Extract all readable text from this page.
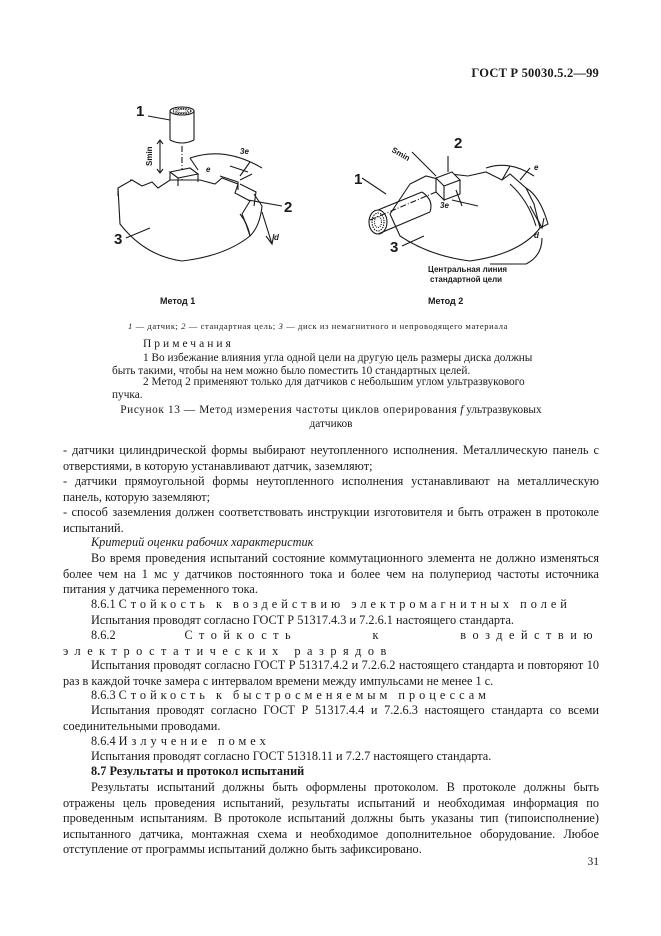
ГОСТ Р 50030.5.2—99
1
2
3
Smin	3e
e
d
1
2
3
Smin
3e
e
d
Центральная линия
стандартной цели
Метод 1	Метод 2
1 — датчик; 2 — стандартная цель; 3 — диск из немагнитного и непроводящего материала
Примечания
1 Во избежание влияния угла одной цели на другую цель размеры диска должны
быть такими, чтобы на нем можно было поместить 10 стандартных целей.
2 Метод 2 применяют только для датчиков с небольшим углом ультразвукового
пучка.
Рисунок 13 — Метод измерения частоты циклов оперирования f ультразвуковых
датчиков
- датчики цилиндрической формы выбирают неутопленного исполнения. Металлическую панель с отверстиями, в которую устанавливают датчик, заземляют;
- датчики прямоугольной формы неутопленного исполнения устанавливают на металлическую панель, которую заземляют;
- способ заземления должен соответствовать инструкции изготовителя и быть отражен в протоколе испытаний.
Критерий оценки рабочих характеристик
Во время проведения испытаний состояние коммутационного элемента не должно изменяться более чем на 1 мс у датчиков постоянного тока и более чем на полупериод частоты источника питания у датчика переменного тока.
8.6.1 Стойкость к воздействию электромагнитных полей
Испытания проводят согласно ГОСТ Р 51317.4.3 и 7.2.6.1 настоящего стандарта.
8.6.2	Стойкость к воздействию электростатических разрядов
Испытания проводят согласно ГОСТ Р 51317.4.2 и 7.2.6.2 настоящего стандарта и повторяют 10 раз в каждой точке замера с интервалом времени между импульсами не менее 1 с.
8.6.3 Стойкость к быстросменяемым процессам
Испытания проводят согласно ГОСТ Р 51317.4.4 и 7.2.6.3 настоящего стандарта со всеми соединительными проводами.
8.6.4 Излучение помех
Испытания проводят согласно ГОСТ 51318.11 и 7.2.7 настоящего стандарта.
8.7 Результаты и протокол испытаний
Результаты испытаний должны быть оформлены протоколом. В протоколе должны быть отражены цель проведения испытаний, результаты испытаний и необходимая информация по проведенным испытаниям. В протоколе испытаний должны быть указаны тип (типоисполнение) испытанного датчика, монтажная схема и необходимое дополнительное оборудование. Любое отступление от программы испытаний должно быть зафиксировано.
31
